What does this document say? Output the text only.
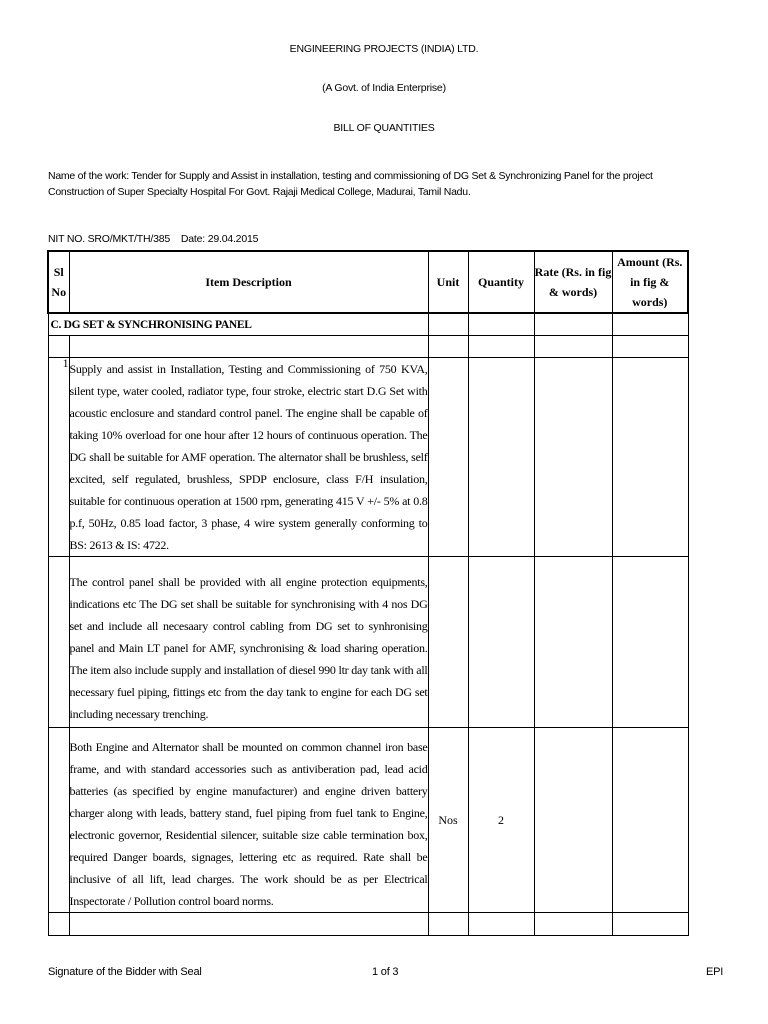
ENGINEERING PROJECTS (INDIA) LTD.
(A Govt. of India Enterprise)
BILL OF QUANTITIES
Name of the work: Tender for Supply and Assist in installation, testing and commissioning of DG Set & Synchronizing Panel for the project Construction of Super Specialty Hospital For Govt. Rajaji Medical College, Madurai, Tamil Nadu.
NIT NO. SRO/MKT/TH/385    Date: 29.04.2015
Sl No	Item Description	Unit	Quantity	Rate (Rs. in fig & words)	Amount (Rs. in fig & words)
C. DG SET & SYNCHRONISING PANEL					

1	Supply and assist in Installation, Testing and Commissioning of 750 KVA, silent type, water cooled, radiator type, four stroke, electric start D.G Set with acoustic enclosure and standard control panel. The engine shall be capable of taking 10% overload for one hour after 12 hours of continuous operation. The DG shall be suitable for AMF operation. The alternator shall be brushless, self excited, self regulated, brushless, SPDP enclosure, class F/H insulation, suitable for continuous operation at 1500 rpm, generating 415 V +/- 5% at 0.8 p.f, 50Hz, 0.85 load factor, 3 phase, 4 wire system generally conforming to BS: 2613 & IS: 4722.				
	The control panel shall be provided with all engine protection equipments, indications etc The DG set shall be suitable for synchronising with 4 nos DG set and include all necesaary control cabling from DG set to synhronising panel and Main LT panel for AMF, synchronising & load sharing operation. The item also include supply and installation of diesel 990 ltr day tank with all necessary fuel piping, fittings etc from the day tank to engine for each DG set including necessary trenching.				
	Both Engine and Alternator shall be mounted on common channel iron base frame, and with standard accessories such as antiviberation pad, lead acid batteries (as specified by engine manufacturer) and engine driven battery charger along with leads, battery stand, fuel piping from fuel tank to Engine, electronic governor, Residential silencer, suitable size cable termination box, required Danger boards, signages, lettering etc as required. Rate shall be inclusive of all lift, lead charges. The work should be as per Electrical Inspectorate / Pollution control board norms.	Nos	2		

Signature of the Bidder with Seal	1 of 3	EPI
